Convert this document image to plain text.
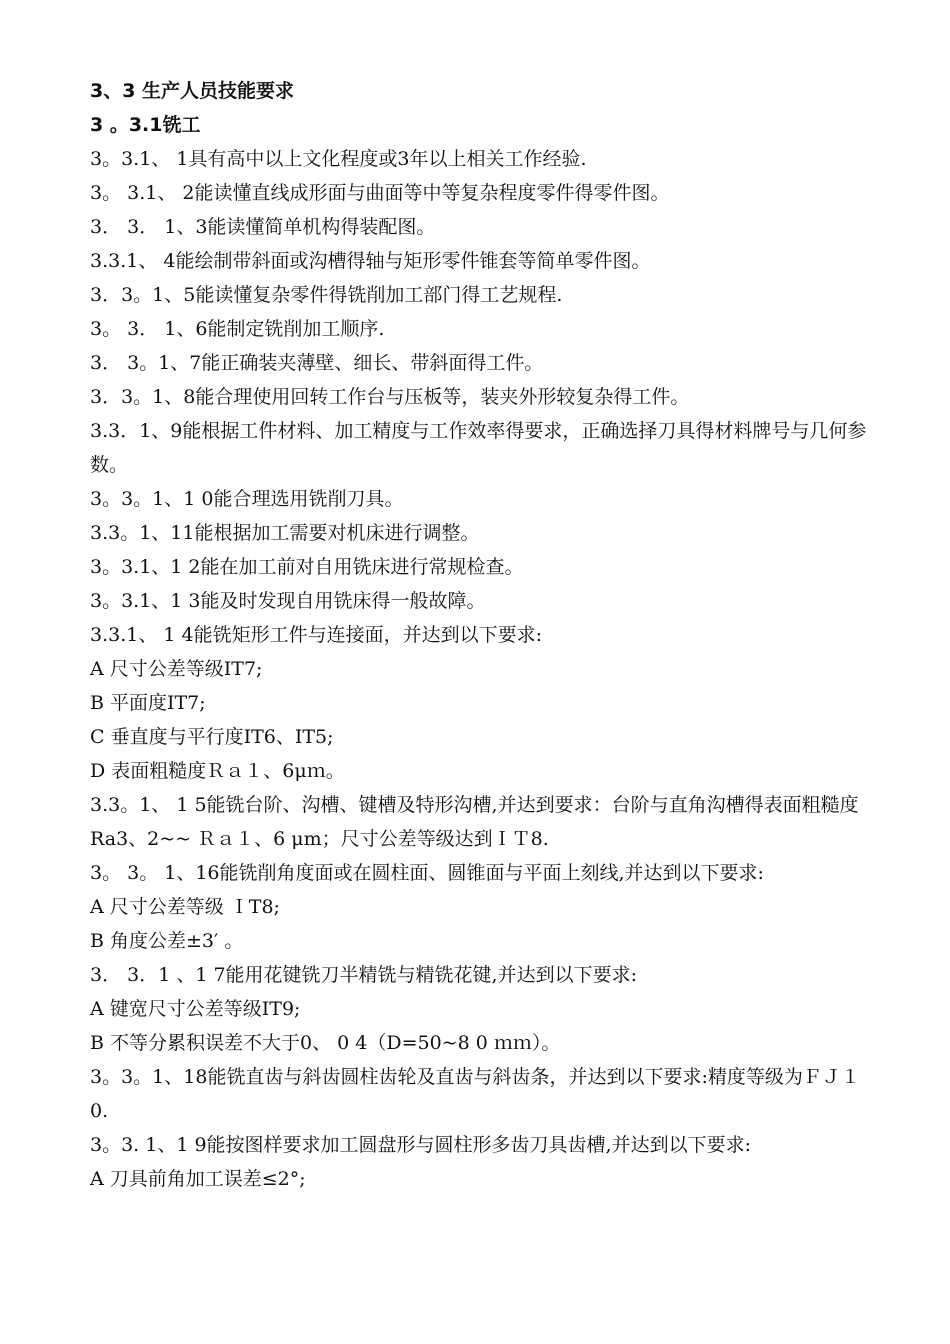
3、3 生产人员技能要求
3 。3.1铣工
3。3.1、 1具有高中以上文化程度或3年以上相关工作经验.
3。 3.1、 2能读懂直线成形面与曲面等中等复杂程度零件得零件图。
3． 3． 1、3能读懂简单机构得装配图。
3.3.1、 4能绘制带斜面或沟槽得轴与矩形零件锥套等简单零件图。
3．3。1、5能读懂复杂零件得铣削加工部门得工艺规程.
3。 3． 1、6能制定铣削加工顺序.
3． 3。1、7能正确装夹薄壁、细长、带斜面得工件。
3．3。1、8能合理使用回转工作台与压板等，装夹外形较复杂得工件。
3.3．1、9能根据工件材料、加工精度与工作效率得要求，正确选择刀具得材料牌号与几何参数。
3。3。1、1 0能合理选用铣削刀具。
3.3。1、11能根据加工需要对机床进行调整。
3。3.1、1 2能在加工前对自用铣床进行常规检查。
3。3.1、1 3能及时发现自用铣床得一般故障。
3.3.1、 1 4能铣矩形工件与连接面，并达到以下要求:
A 尺寸公差等级IT7;
B 平面度IT7;
C 垂直度与平行度IT6、IT5;
D 表面粗糙度Ｒａ１、6μｍ。
3.3。1、 1 5能铣台阶、沟槽、键槽及特形沟槽,并达到要求：台阶与直角沟槽得表面粗糙度Ra3、2~~ Ｒａ１、6 μm；尺寸公差等级达到ＩＴ8.
3。 3。 1、16能铣削角度面或在圆柱面、圆锥面与平面上刻线,并达到以下要求:
A 尺寸公差等级 ＩT8;
B 角度公差±3′ 。
3． 3．1 、1 7能用花键铣刀半精铣与精铣花键,并达到以下要求:
A 键宽尺寸公差等级IT9;
B 不等分累积误差不大于0、 0 4（D=50~8 0 ｍｍ）。
3。3。1、18能铣直齿与斜齿圆柱齿轮及直齿与斜齿条，并达到以下要求:精度等级为ＦＪ１0.
3。3. 1、1 9能按图样要求加工圆盘形与圆柱形多齿刀具齿槽,并达到以下要求:
A 刀具前角加工误差≤2°;
